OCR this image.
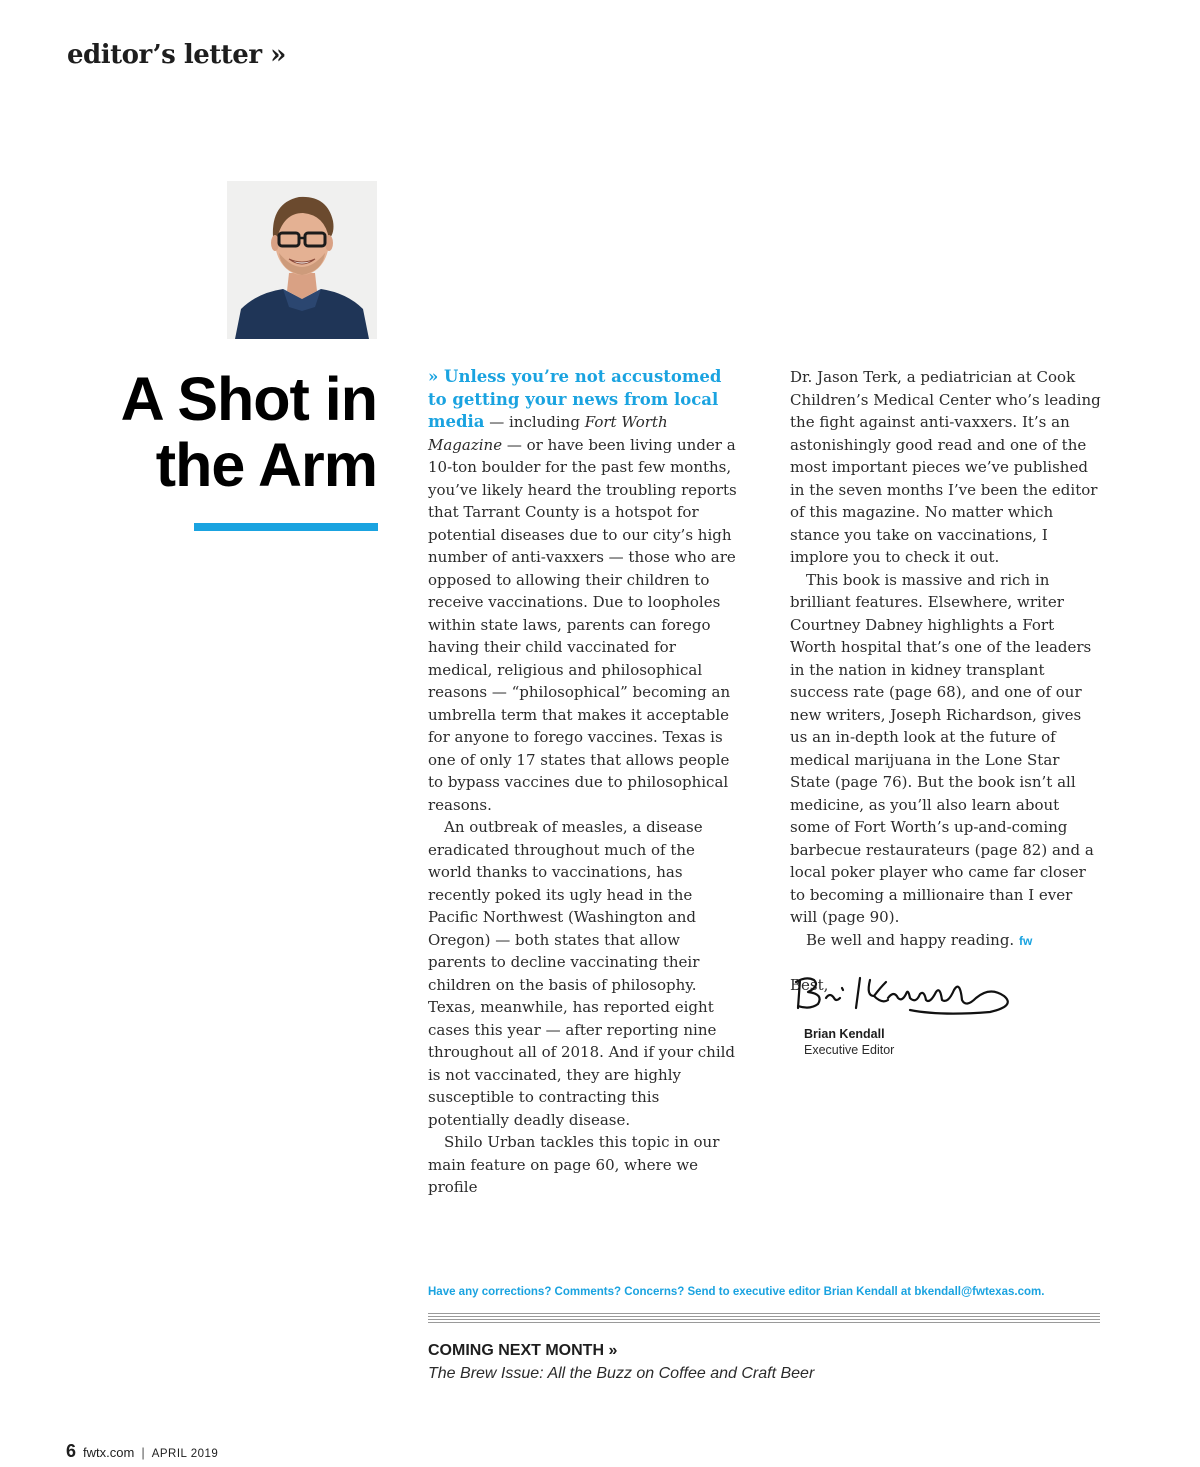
editor’s letter »
A Shot in
the Arm

» Unless you’re not accustomed to getting your news from local media — including Fort Worth Magazine — or have been living under a 10-ton boulder for the past few months, you’ve likely heard the troubling reports that Tarrant County is a hotspot for potential diseases due to our city’s high number of anti-vaxxers — those who are opposed to allowing their children to receive vaccinations. Due to loopholes within state laws, parents can forego having their child vaccinated for medical, religious and philosophical reasons — “philosophical” becoming an umbrella term that makes it acceptable for anyone to forego vaccines. Texas is one of only 17 states that allows people to bypass vaccines due to philosophical reasons.

An outbreak of measles, a disease eradicated throughout much of the world thanks to vaccinations, has recently poked its ugly head in the Pacific Northwest (Washington and Oregon) — both states that allow parents to decline vaccinating their children on the basis of philosophy. Texas, meanwhile, has reported eight cases this year — after reporting nine throughout all of 2018. And if your child is not vaccinated, they are highly susceptible to contracting this potentially deadly disease.

Shilo Urban tackles this topic in our main feature on page 60, where we profile

Dr. Jason Terk, a pediatrician at Cook Children’s Medical Center who’s leading the fight against anti-vaxxers. It’s an astonishingly good read and one of the most important pieces we’ve published in the seven months I’ve been the editor of this magazine. No matter which stance you take on vaccinations, I implore you to check it out.

This book is massive and rich in brilliant features. Elsewhere, writer Courtney Dabney highlights a Fort Worth hospital that’s one of the leaders in the nation in kidney transplant success rate (page 68), and one of our new writers, Joseph Richardson, gives us an in-depth look at the future of medical marijuana in the Lone Star State (page 76). But the book isn’t all medicine, as you’ll also learn about some of Fort Worth’s up-and-coming barbecue restaurateurs (page 82) and a local poker player who came far closer to becoming a millionaire than I ever will (page 90).

Be well and happy reading. fw

Best,

Brian Kendall
Executive Editor
Have any corrections? Comments? Concerns? Send to executive editor Brian Kendall at bkendall@fwtexas.com.
COMING NEXT MONTH »
The Brew Issue: All the Buzz on Coffee and Craft Beer
6 fwtx.com | APRIL 2019
